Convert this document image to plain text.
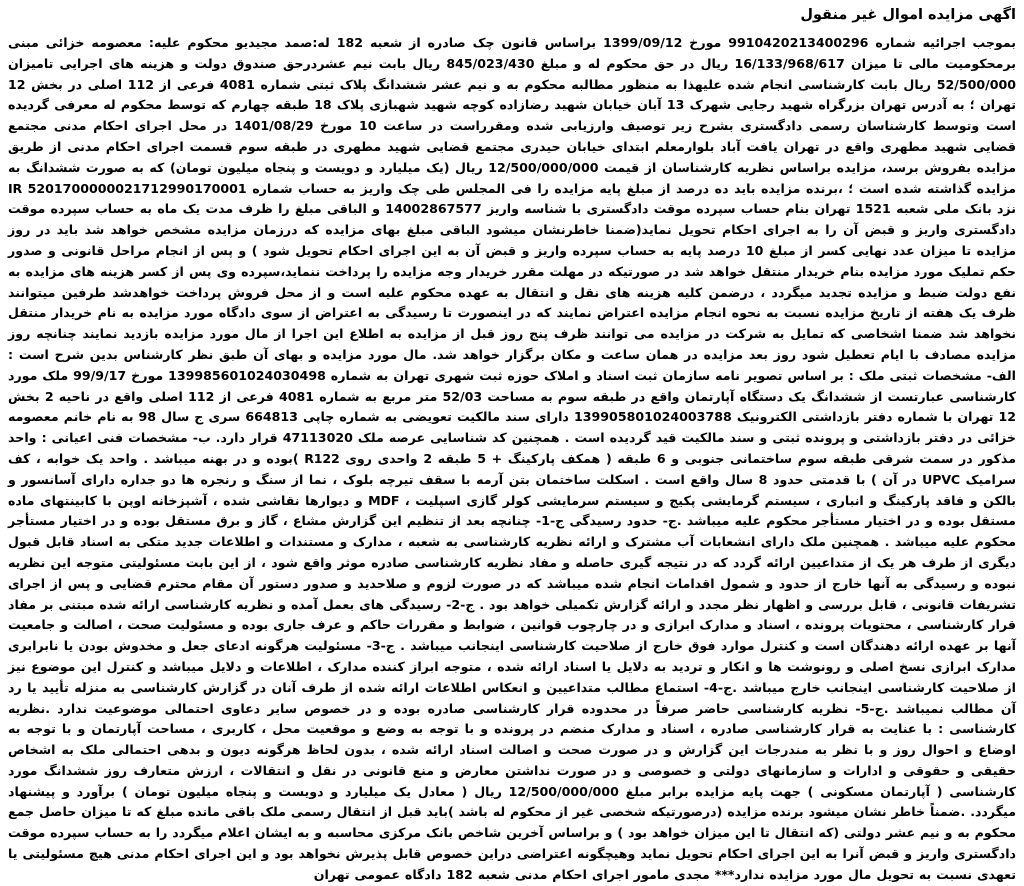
اگهی مزایده اموال غیر منقول

بموجب اجرائیه شماره 9910420213400296 مورخ 1399/09/12 براساس قانون چک صادره از شعبه 182 له:صمد مجیدیو محکوم علیه: معصومه خزائی مبنی برمحکومیت مالی تا میزان 16/133/968/617 ریال در حق محکوم له و مبلغ 845/023/430 ریال بابت نیم عشردرحق صندوق دولت و هزینه های اجرایی تامیزان 52/500/000 ریال بابت کارشناسی انجام شده علیهذا به منظور مطالبه محکوم به و نیم عشر ششدانگ پلاک ثبتی شماره 4081 فرعی از 112 اصلی در بخش 12 تهران ؛ به آدرس تهران بزرگراه شهید رجایی شهرک 13 آبان خیابان شهید رضازاده کوچه شهید شهبازی پلاک 18 طبقه چهارم که توسط محکوم له معرفی گردیده است وتوسط کارشناسان رسمی دادگستری بشرح زیر توصیف وارزیابی شده ومقرراست در ساعت 10 مورخ 1401/08/29 در محل اجرای احکام مدنی مجتمع قضایی شهید مطهری واقع در تهران یافت آباد بلوارمعلم ابتدای خیابان حیدری مجتمع قضایی شهید مطهری در طبقه سوم قسمت اجرای احکام مدنی از طریق مزایده بفروش برسد، مزایده براساس نظریه کارشناسان از قیمت 12/500/000/000 ریال (یک میلیارد و دویست و پنجاه میلیون تومان) که به صورت ششدانگ به مزایده گذاشته شده است ؛ ،برنده مزایده باید ده درصد از مبلغ پایه مزایده را فی المجلس طی چک واریز به حساب شماره 5201700000021712990170001 IR نزد بانک ملی شعبه 1521 تهران بنام حساب سپرده موقت دادگستری با شناسه واریز 14002867577 و الباقی مبلغ را ظرف مدت یک ماه به حساب سپرده موقت دادگستری واریز و قبض آن را به اجرای احکام تحویل نماید(ضمنا خاطرنشان میشود الباقی مبلغ بهای مزایده که درزمان مزایده مشخص خواهد شد باید در روز مزایده تا میزان عدد نهایی کسر از مبلغ 10 درصد پایه به حساب سپرده واریز و قبض آن به این اجرای احکام تحویل شود ) و پس از انجام مراحل قانونی و صدور حکم تملیک مورد مزایده بنام خریدار منتقل خواهد شد در صورتیکه در مهلت مقرر خریدار وجه مزایده را پرداخت ننماید،سپرده وی پس از کسر هزینه های مزایده به نفع دولت ضبط و مزایده تجدید میگردد ، درضمن کلیه هزینه های نقل و انتقال به عهده محکوم علیه است و از محل فروش پرداخت خواهدشد طرفین میتوانند ظرف یک هفته از تاریخ مزایده نسبت به نحوه انجام مزایده اعتراض نمایند که در اینصورت تا رسیدگی به اعتراض از سوی دادگاه مورد مزایده به نام خریدار منتقل نخواهد شد ضمنا اشخاصی که تمایل به شرکت در مزایده می توانند ظرف پنج روز قبل از مزایده به اطلاع این اجرا از مال مورد مزایده بازدید نمایند چنانچه روز مزایده مصادف با ایام تعطیل شود روز بعد مزایده در همان ساعت و مکان برگزار خواهد شد. مال مورد مزایده و بهای آن طبق نظر کارشناس بدین شرح است : الف- مشخصات ثبتی ملک : بر اساس تصویر نامه سازمان ثبت اسناد و املاک حوزه ثبت شهری تهران به شماره 139985601024030498 مورخ 99/9/17 ملک مورد کارشناسی عبارتست از ششدانگ یک دستگاه آپارتمان واقع در طبقه سوم به مساحت 52/03 متر مربع به شماره 4081 فرعی از 112 اصلی واقع در ناحیه 2 بخش 12 تهران با شماره دفتر بازداشتی الکترونیک 139905801024003788 دارای سند مالکیت تعویضی به شماره چاپی 664813 سری ج سال 98 به نام خانم معصومه خزائی در دفتر بازداشتی و پرونده ثبتی و سند مالکیت قید گردیده است . همچنین کد شناسایی عرصه ملک 47113020 قرار دارد. ب- مشخصات فنی اعیانی : واحد مذکور در سمت شرقی طبقه سوم ساختمانی جنوبی و 6 طبقه ( همکف پارکینگ + 5 طبقه 2 واحدی روی R122 )بوده و در بهنه میباشد . واحد یک خوابه ، کف سرامیک UPVC در آن ) با قدمتی حدود 8 سال واقع است . اسکلت ساختمان بتن آرمه با سقف تیرچه بلوک ، نما از سنگ و رنجره ها دو جداره دارای آسانسور و بالکن و فاقد پارکینگ و انباری ، سیستم گرمایشی پکیج و سیستم سرمایشی کولر گازی اسپلیت ، MDF و دیوارها نقاشی شده ، آشپزخانه اوپن با کابینتهای ماده مستقل بوده و در اختیار مستأجر محکوم علیه میباشد .ج- حدود رسیدگی ج-1- چنانچه بعد از تنظیم این گزارش مشاع ، گاز و برق مستقل بوده و در اختیار مستأجر محکوم علیه میباشد . همچنین ملک دارای انشعابات آب مشترک و ارائه نظریه کارشناسی به شعبه ، مدارک و مستندات و اطلاعات جدید متکی به اسناد قابل قبول دیگری از طرف هر یک از متداعیین ارائه گردد که در نتیجه گیری حاصله و مفاد نظریه کارشناسی صادره موثر واقع شود ، از این بابت مسئولیتی متوجه این نظریه نبوده و رسیدگی به آنها خارج از حدود و شمول اقدامات انجام شده میباشد که در صورت لزوم و صلاحدید و صدور دستور آن مقام محترم قضایی و پس از اجرای تشریفات قانونی ، قابل بررسی و اظهار نظر مجدد و ارائه گزارش تکمیلی خواهد بود . ج-2- رسیدگی های بعمل آمده و نظریه کارشناسی ارائه شده مبتنی بر مفاد قرار کارشناسی ، محتویات پرونده ، اسناد و مدارک ابرازی و در چارچوب قوانین ، ضوابط و مقررات حاکم و عرف جاری بوده و مسئولیت صحت ، اصالت و جامعیت آنها بر عهده ارائه دهندگان است و کنترل موارد فوق خارج از صلاحیت کارشناسی اینجانب میباشد . ج-3- مسئولیت هرگونه ادعای جعل و مخدوش بودن یا نابرابری مدارک ابرازی نسخ اصلی و رونوشت ها و انکار و تردید به دلایل یا اسناد ارائه شده ، متوجه ابراز کننده مدارک ، اطلاعات و دلایل میباشد و کنترل این موضوع نیز از صلاحیت کارشناسی اینجانب خارج میباشد .ج-4- استماع مطالب متداعیین و انعکاس اطلاعات ارائه شده از طرف آنان در گزارش کارشناسی به منزله تأیید یا رد آن مطالب نمیباشد .ج-5- نظریه کارشناسی حاضر صرفاً در محدوده قرار کارشناسی صادره بوده و در خصوص سایر دعاوی احتمالی موضوعیت ندارد .نظریه کارشناسی : با عنایت به قرار کارشناسی صادره ، اسناد و مدارک منضم در پرونده و با توجه به وضع و موقعیت محل ، کاربری ، مساحت آپارتمان و با توجه به اوضاع و احوال روز و با نظر به مندرجات این گزارش و در صورت صحت و اصالت اسناد ارائه شده ، بدون لحاظ هرگونه دیون و بدهی احتمالی ملک به اشخاص حقیقی و حقوقی و ادارات و سازمانهای دولتی و خصوصی و در صورت نداشتن معارض و منع قانونی در نقل و انتقالات ، ارزش متعارف روز ششدانگ مورد کارشناسی ( آپارتمان مسکونی ) جهت پایه مزایده برابر مبلغ 12/500/000/000 ریال ( معادل یک میلیارد و دویست و پنجاه میلیون تومان ) برآورد و پیشنهاد میگردد. .ضمناً خاطر نشان میشود برنده مزایده (درصورتیکه شخصی غیر از محکوم له باشد )باید قبل از انتقال رسمی ملک باقی مانده مبلغ که تا میزان حاصل جمع محکوم به و نیم عشر دولتی (که انتقال تا این میزان خواهد بود ) و براساس آخرین شاخص بانک مرکزی محاسبه و به ایشان اعلام میگردد را به حساب سپرده موقت دادگستری واریز و قبض آنرا به این اجرای احکام تحویل نماید وهیچگونه اعتراضی دراین خصوص قابل پذیرش نخواهد بود و این اجرای احکام مدنی هیچ مسئولیتی یا تعهدی نسبت به تحویل مال مورد مزایده ندارد*** مجدی مامور اجرای احکام مدنی شعبه 182 دادگاه عمومی تهران
